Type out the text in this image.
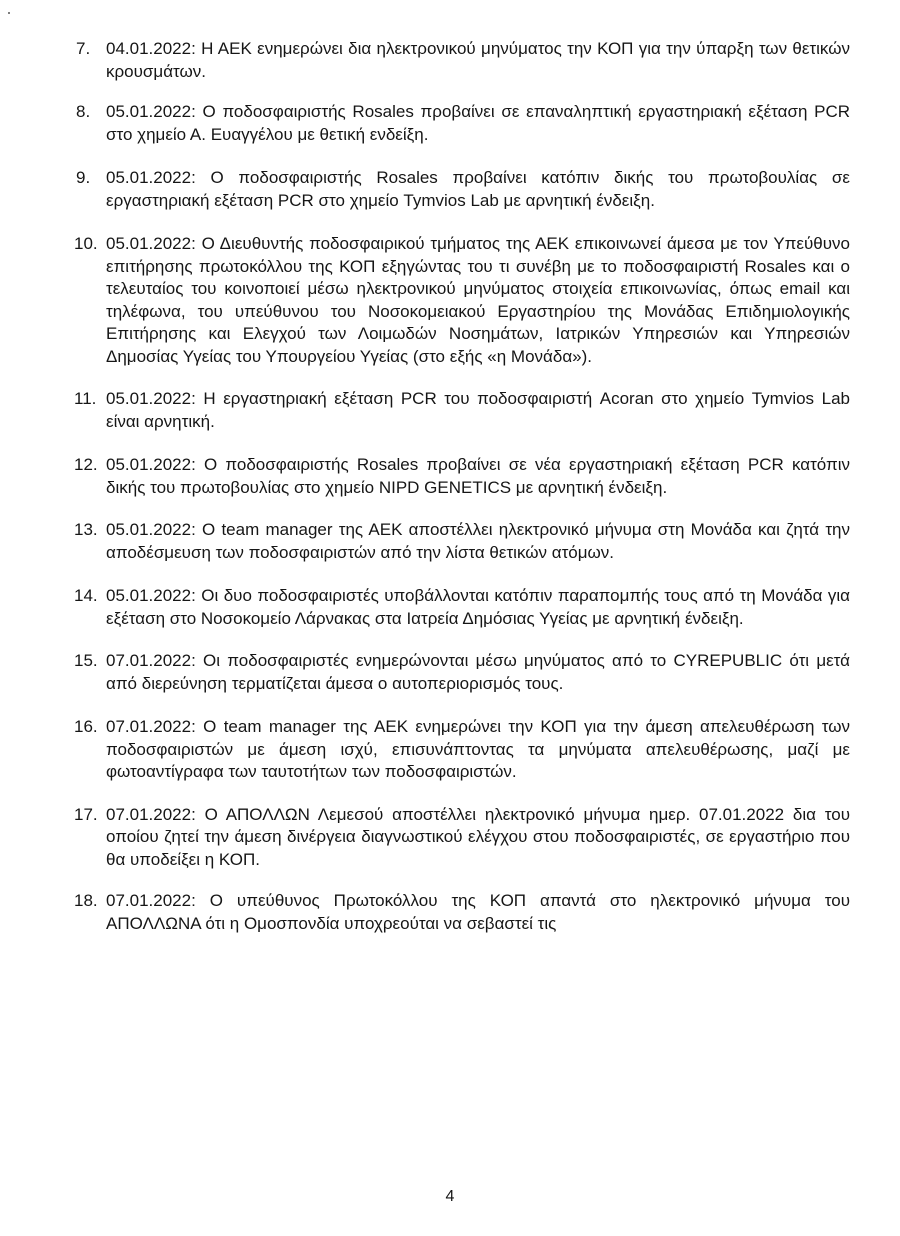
7. 04.01.2022: Η ΑΕΚ ενημερώνει δια ηλεκτρονικού μηνύματος την ΚΟΠ για την ύπαρξη των θετικών κρουσμάτων.
8. 05.01.2022: Ο ποδοσφαιριστής Rosales προβαίνει σε επαναληπτική εργαστηριακή εξέταση PCR στο χημείο Α. Ευαγγέλου με θετική ενδείξη.
9. 05.01.2022: Ο ποδοσφαιριστής Rosales προβαίνει κατόπιν δικής του πρωτοβουλίας σε εργαστηριακή εξέταση PCR στο χημείο Tymvios Lab με αρνητική ένδειξη.
10. 05.01.2022: Ο Διευθυντής ποδοσφαιρικού τμήματος της ΑΕΚ επικοινωνεί άμεσα με τον Υπεύθυνο επιτήρησης πρωτοκόλλου της ΚΟΠ εξηγώντας του τι συνέβη με το ποδοσφαιριστή Rosales και ο τελευταίος του κοινοποιεί μέσω ηλεκτρονικού μηνύματος στοιχεία επικοινωνίας, όπως email και τηλέφωνα, του υπεύθυνου του Νοσοκομειακού Εργαστηρίου της Μονάδας Επιδημιολογικής Επιτήρησης και Ελεγχού των Λοιμωδών Νοσημάτων, Ιατρικών Υπηρεσιών και Υπηρεσιών Δημοσίας Υγείας του Υπουργείου Υγείας (στο εξής «η Μονάδα»).
11. 05.01.2022: Η εργαστηριακή εξέταση PCR του ποδοσφαιριστή Acoran στο χημείο Tymvios Lab είναι αρνητική.
12. 05.01.2022: Ο ποδοσφαιριστής Rosales προβαίνει σε νέα εργαστηριακή εξέταση PCR κατόπιν δικής του πρωτοβουλίας στο χημείο NIPD GENETICS με αρνητική ένδειξη.
13. 05.01.2022: Ο team manager της ΑΕΚ αποστέλλει ηλεκτρονικό μήνυμα στη Μονάδα και ζητά την αποδέσμευση των ποδοσφαιριστών από την λίστα θετικών ατόμων.
14. 05.01.2022: Οι δυο ποδοσφαιριστές υποβάλλονται κατόπιν παραπομπής τους από τη Μονάδα για εξέταση στο Νοσοκομείο Λάρνακας στα Ιατρεία Δημόσιας Υγείας με αρνητική ένδειξη.
15. 07.01.2022: Οι ποδοσφαιριστές ενημερώνονται μέσω μηνύματος από το CYREPUBLIC ότι μετά από διερεύνηση τερματίζεται άμεσα ο αυτοπεριορισμός τους.
16. 07.01.2022: Ο team manager της ΑΕΚ ενημερώνει την ΚΟΠ για την άμεση απελευθέρωση των ποδοσφαιριστών με άμεση ισχύ, επισυνάπτοντας τα μηνύματα απελευθέρωσης, μαζί με φωτοαντίγραφα των ταυτοτήτων των ποδοσφαιριστών.
17. 07.01.2022: Ο ΑΠΟΛΛΩΝ Λεμεσού αποστέλλει ηλεκτρονικό μήνυμα ημερ. 07.01.2022 δια του οποίου ζητεί την άμεση δινέργεια διαγνωστικού ελέγχου στου ποδοσφαιριστές, σε εργαστήριο που θα υποδείξει η ΚΟΠ.
18. 07.01.2022: Ο υπεύθυνος Πρωτοκόλλου της ΚΟΠ απαντά στο ηλεκτρονικό μήνυμα του ΑΠΟΛΛΩΝΑ ότι η Ομοσπονδία υποχρεούται να σεβαστεί τις
4
